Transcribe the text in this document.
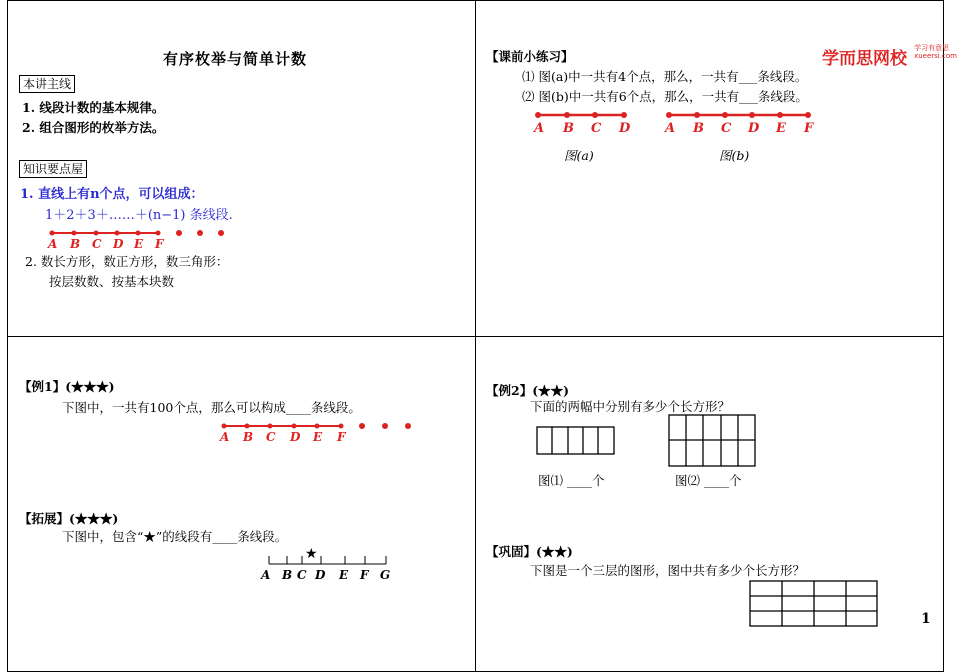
有序枚举与简单计数
本讲主线
1. 线段计数的基本规律。
2. 组合图形的枚举方法。
知识要点屋
1. 直线上有n个点，可以组成：
1＋2＋3＋……＋(n−1) 条线段.
A B C D E F
2. 数长方形，数正方形，数三角形：
按层数数、按基本块数
【课前小练习】	学而思网校
学习有意思
xueersi.com
⑴ 图(a)中一共有4个点，那么，一共有___条线段。
⑵ 图(b)中一共有6个点，那么，一共有___条线段。
A B C D	A B C D E F
图(a)	图(b)
【例1】(★★★)
下图中，一共有100个点，那么可以构成____条线段。
A B C D E F
【拓展】(★★★)
下图中，包含“★”的线段有____条线段。
★
A B C D E F G
【例2】(★★)
下面的两幅中分别有多少个长方形？
图⑴ ____个	图⑵ ____个
【巩固】(★★)
下图是一个三层的图形，图中共有多少个长方形？
1
